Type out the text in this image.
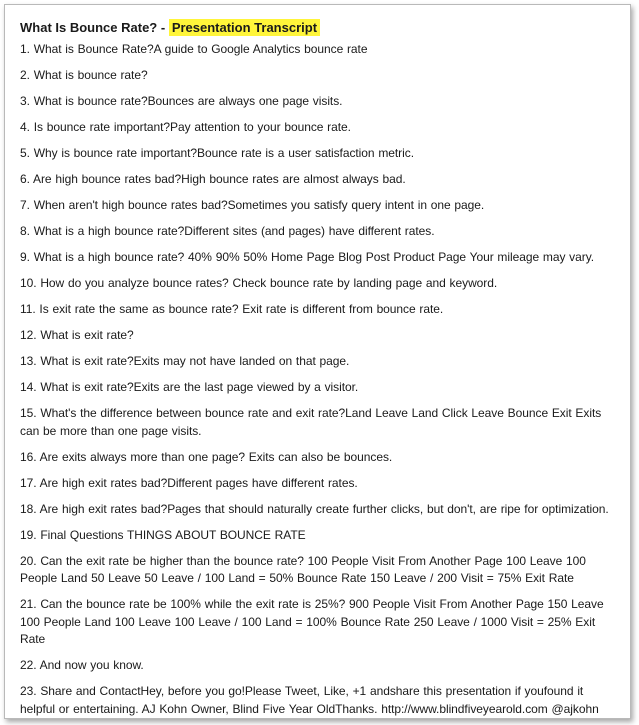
What Is Bounce Rate? - Presentation Transcript
1. What is Bounce Rate?A guide to Google Analytics bounce rate
2. What is bounce rate?
3. What is bounce rate?Bounces are always one page visits.
4. Is bounce rate important?Pay attention to your bounce rate.
5. Why is bounce rate important?Bounce rate is a user satisfaction metric.
6. Are high bounce rates bad?High bounce rates are almost always bad.
7. When aren't high bounce rates bad?Sometimes you satisfy query intent in one page.
8. What is a high bounce rate?Different sites (and pages) have different rates.
9. What is a high bounce rate? 40% 90% 50% Home Page Blog Post Product Page Your mileage may vary.
10. How do you analyze bounce rates? Check bounce rate by landing page and keyword.
11. Is exit rate the same as bounce rate? Exit rate is different from bounce rate.
12. What is exit rate?
13. What is exit rate?Exits may not have landed on that page.
14. What is exit rate?Exits are the last page viewed by a visitor.
15. What's the difference between bounce rate and exit rate?Land Leave Land Click Leave Bounce Exit Exits can be more than one page visits.
16. Are exits always more than one page? Exits can also be bounces.
17. Are high exit rates bad?Different pages have different rates.
18. Are high exit rates bad?Pages that should naturally create further clicks, but don't, are ripe for optimization.
19. Final Questions THINGS ABOUT BOUNCE RATE
20. Can the exit rate be higher than the bounce rate? 100 People Visit From Another Page 100 Leave 100 People Land 50 Leave 50 Leave / 100 Land = 50% Bounce Rate 150 Leave / 200 Visit = 75% Exit Rate
21. Can the bounce rate be 100% while the exit rate is 25%? 900 People Visit From Another Page 150 Leave 100 People Land 100 Leave 100 Leave / 100 Land = 100% Bounce Rate 250 Leave / 1000 Visit = 25% Exit Rate
22. And now you know.
23. Share and ContactHey, before you go!Please Tweet, Like, +1 andshare this presentation if youfound it helpful or entertaining. AJ Kohn Owner, Blind Five Year OldThanks. http://www.blindfiveyearold.com @ajkohn
